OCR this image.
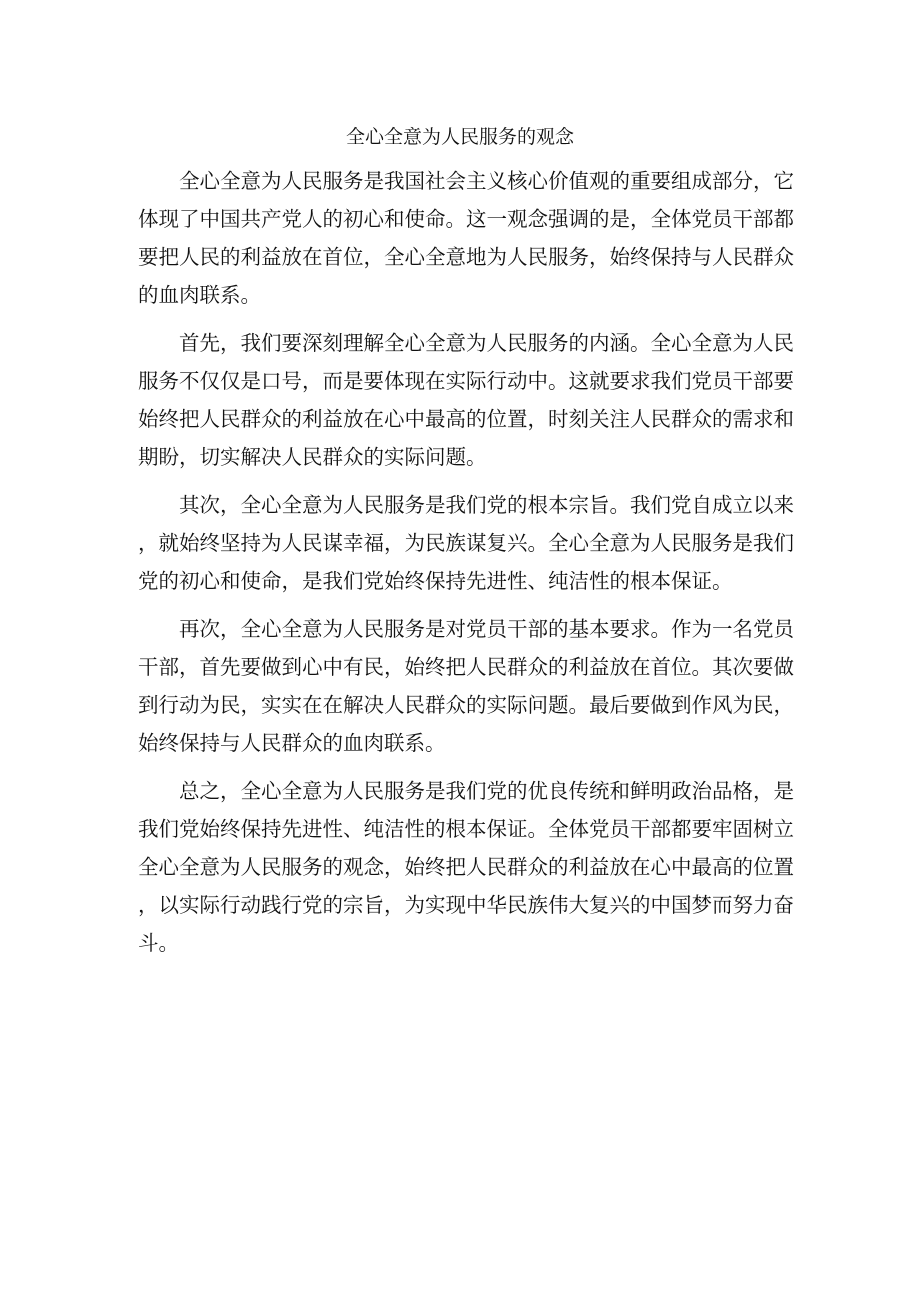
全心全意为人民服务的观念

全心全意为人民服务是我国社会主义核心价值观的重要组成部分，它体现了中国共产党人的初心和使命。这一观念强调的是，全体党员干部都要把人民的利益放在首位，全心全意地为人民服务，始终保持与人民群众的血肉联系。

首先，我们要深刻理解全心全意为人民服务的内涵。全心全意为人民服务不仅仅是口号，而是要体现在实际行动中。这就要求我们党员干部要始终把人民群众的利益放在心中最高的位置，时刻关注人民群众的需求和期盼，切实解决人民群众的实际问题。

其次，全心全意为人民服务是我们党的根本宗旨。我们党自成立以来，就始终坚持为人民谋幸福，为民族谋复兴。全心全意为人民服务是我们党的初心和使命，是我们党始终保持先进性、纯洁性的根本保证。

再次，全心全意为人民服务是对党员干部的基本要求。作为一名党员干部，首先要做到心中有民，始终把人民群众的利益放在首位。其次要做到行动为民，实实在在解决人民群众的实际问题。最后要做到作风为民，始终保持与人民群众的血肉联系。

总之，全心全意为人民服务是我们党的优良传统和鲜明政治品格，是我们党始终保持先进性、纯洁性的根本保证。全体党员干部都要牢固树立全心全意为人民服务的观念，始终把人民群众的利益放在心中最高的位置，以实际行动践行党的宗旨，为实现中华民族伟大复兴的中国梦而努力奋斗。
